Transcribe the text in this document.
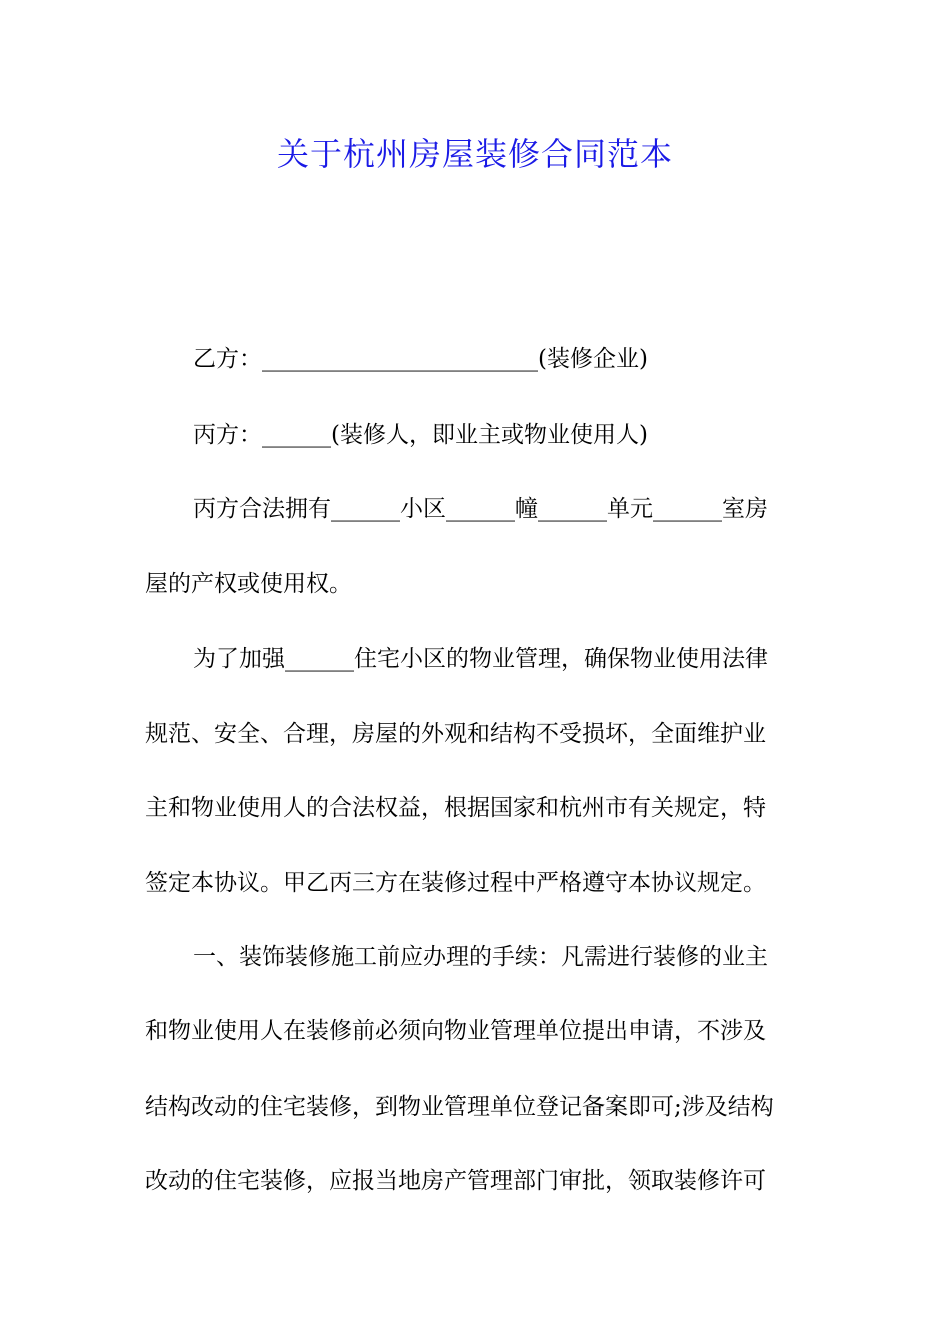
关于杭州房屋装修合同范本
乙方：________________________(装修企业)
丙方：______(装修人，即业主或物业使用人)
丙方合法拥有______小区______幢______单元______室房
屋的产权或使用权。
为了加强______住宅小区的物业管理，确保物业使用法律
规范、安全、合理，房屋的外观和结构不受损坏，全面维护业
主和物业使用人的合法权益，根据国家和杭州市有关规定，特
签定本协议。甲乙丙三方在装修过程中严格遵守本协议规定。
一、装饰装修施工前应办理的手续：凡需进行装修的业主
和物业使用人在装修前必须向物业管理单位提出申请，不涉及
结构改动的住宅装修，到物业管理单位登记备案即可;涉及结构
改动的住宅装修，应报当地房产管理部门审批，领取装修许可
